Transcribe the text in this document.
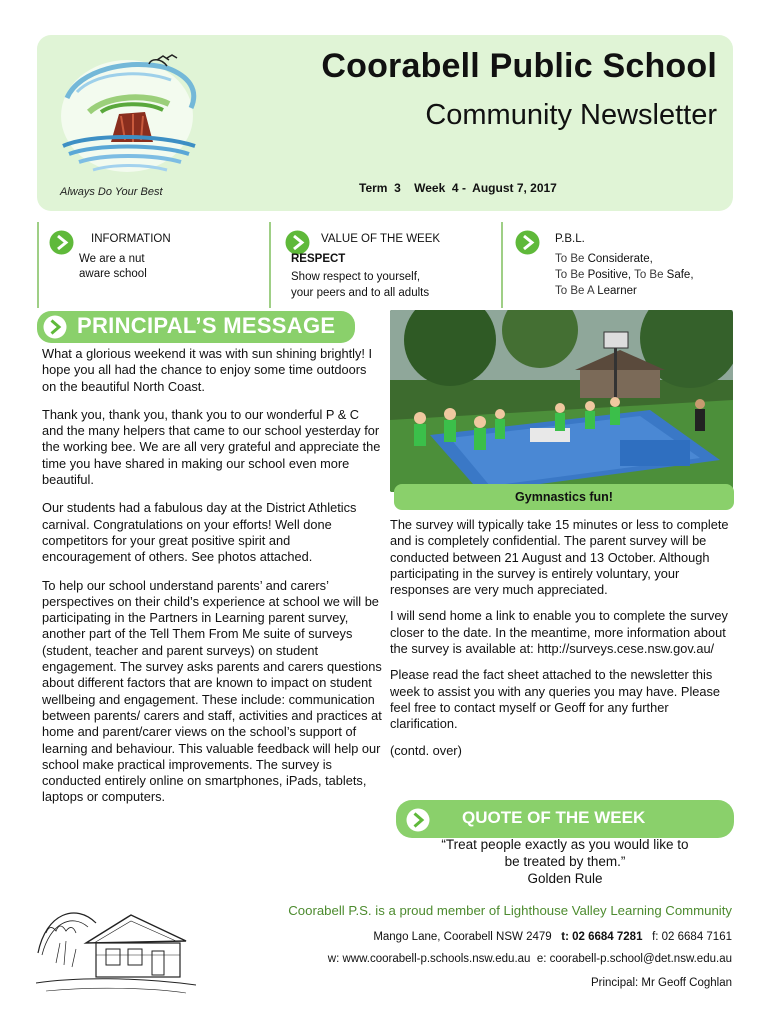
Always Do Your Best
Coorabell Public School
Community Newsletter
Term  3    Week  4 -  August 7, 2017
INFORMATION
We are a nut
aware school
VALUE OF THE WEEK
RESPECT
Show respect to yourself,
your peers and to all adults
P.B.L.
To Be Considerate,
To Be Positive, To Be Safe,
To Be A Learner
PRINCIPAL’S MESSAGE

What a glorious weekend it was with sun shining brightly! I hope you all had the chance to enjoy some time outdoors on the beautiful North Coast.

Thank you, thank you, thank you to our wonderful P & C and the many helpers that came to our school yesterday for the working bee. We are all very grateful and appreciate the time you have shared in making our school even more beautiful.

Our students had a fabulous day at the District Athletics carnival. Congratulations on your efforts! Well done competitors for your great positive spirit and encouragement of others. See photos attached.

To help our school understand parents’ and carers’ perspectives on their child’s experience at school we will be participating in the Partners in Learning parent survey, another part of the Tell Them From Me suite of surveys (student, teacher and parent surveys) on student engagement. The survey asks parents and carers questions about different factors that are known to impact on student wellbeing and engagement. These include: communication between parents/ carers and staff, activities and practices at home and parent/carer views on the school’s support of learning and behaviour. This valuable feedback will help our school make practical improvements. The survey is conducted entirely online on smartphones, iPads, tablets, laptops or computers.

Gymnastics fun!

The survey will typically take 15 minutes or less to complete and is completely confidential. The parent survey will be conducted between 21 August and 13 October. Although participating in the survey is entirely voluntary, your responses are very much appreciated.

I will send home a link to enable you to complete the survey closer to the date. In the meantime, more information about the survey is available at: http://surveys.cese.nsw.gov.au/

Please read the fact sheet attached to the newsletter this week to assist you with any queries you may have. Please feel free to contact myself or Geoff for any further clarification.

(contd. over)

QUOTE OF THE WEEK
“Treat people exactly as you would like to
be treated by them.”
Golden Rule
Coorabell P.S. is a proud member of Lighthouse Valley Learning Community
Mango Lane, Coorabell NSW 2479 t: 02 6684 7281 f: 02 6684 7161
w: www.coorabell-p.schools.nsw.edu.au e: coorabell-p.school@det.nsw.edu.au
Principal: Mr Geoff Coghlan
